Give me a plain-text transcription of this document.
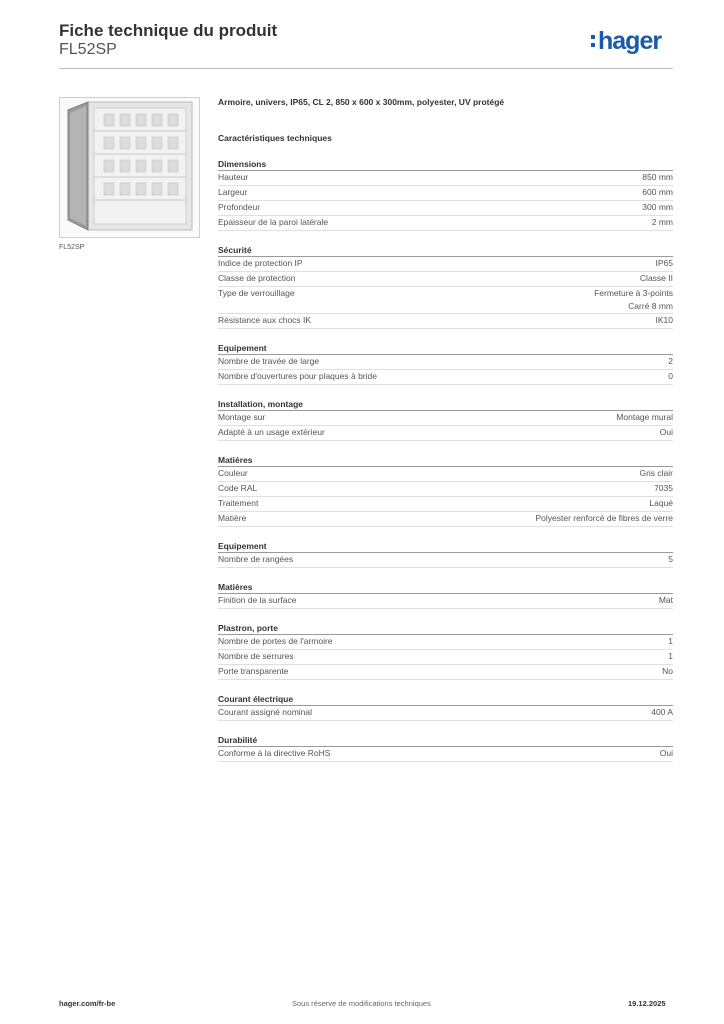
Fiche technique du produit
FL52SP	hager
FL52SP
Armoire, univers, IP65, CL 2, 850 x 600 x 300mm, polyester, UV protégé
Caractéristiques techniques
Dimensions
Hauteur	850 mm
Largeur	600 mm
Profondeur	300 mm
Epaisseur de la paroi latérale	2 mm
Sécurité
Indice de protection IP	IP65
Classe de protection	Classe II
Type de verrouillage	Fermeture à 3-points
Carré 8 mm
Résistance aux chocs IK	IK10
Equipement
Nombre de travée de large	2
Nombre d'ouvertures pour plaques à bride	0
Installation, montage
Montage sur	Montage mural
Adapté à un usage extérieur	Oui
Matières
Couleur	Gris clair
Code RAL	7035
Traitement	Laqué
Matière	Polyester renforcé de fibres de verre
Equipement
Nombre de rangées	5
Matières
Finition de la surface	Mat
Plastron, porte
Nombre de portes de l'armoire	1
Nombre de serrures	1
Porte transparente	No
Courant électrique
Courant assigné nominal	400 A
Durabilité
Conforme à la directive RoHS	Oui
hager.com/fr-be	Sous réserve de modifications techniques	19.12.2025
